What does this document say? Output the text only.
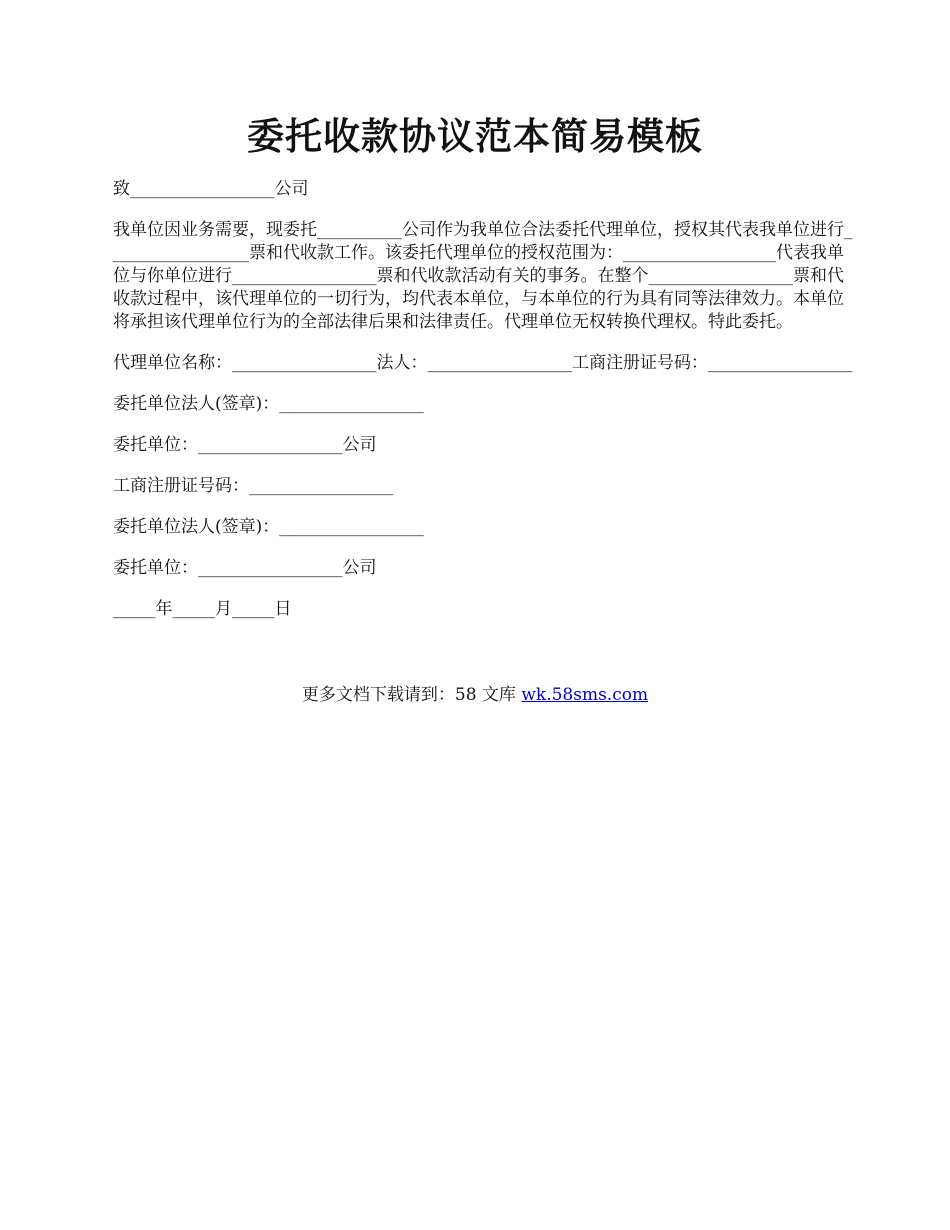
委托收款协议范本简易模板

致_________________公司

我单位因业务需要，现委托__________公司作为我单位合法委托代理单位，授权其代表我单位进行_________________票和代收款工作。该委托代理单位的授权范围为：__________________代表我单位与你单位进行_________________票和代收款活动有关的事务。在整个_________________票和代收款过程中，该代理单位的一切行为，均代表本单位，与本单位的行为具有同等法律效力。本单位将承担该代理单位行为的全部法律后果和法律责任。代理单位无权转换代理权。特此委托。

代理单位名称：_________________法人：_________________工商注册证号码：_________________

委托单位法人(签章)：_________________

委托单位：_________________公司

工商注册证号码：_________________

委托单位法人(签章)：_________________

委托单位：_________________公司

_____年_____月_____日

更多文档下载请到：58 文库 wk.58sms.com
